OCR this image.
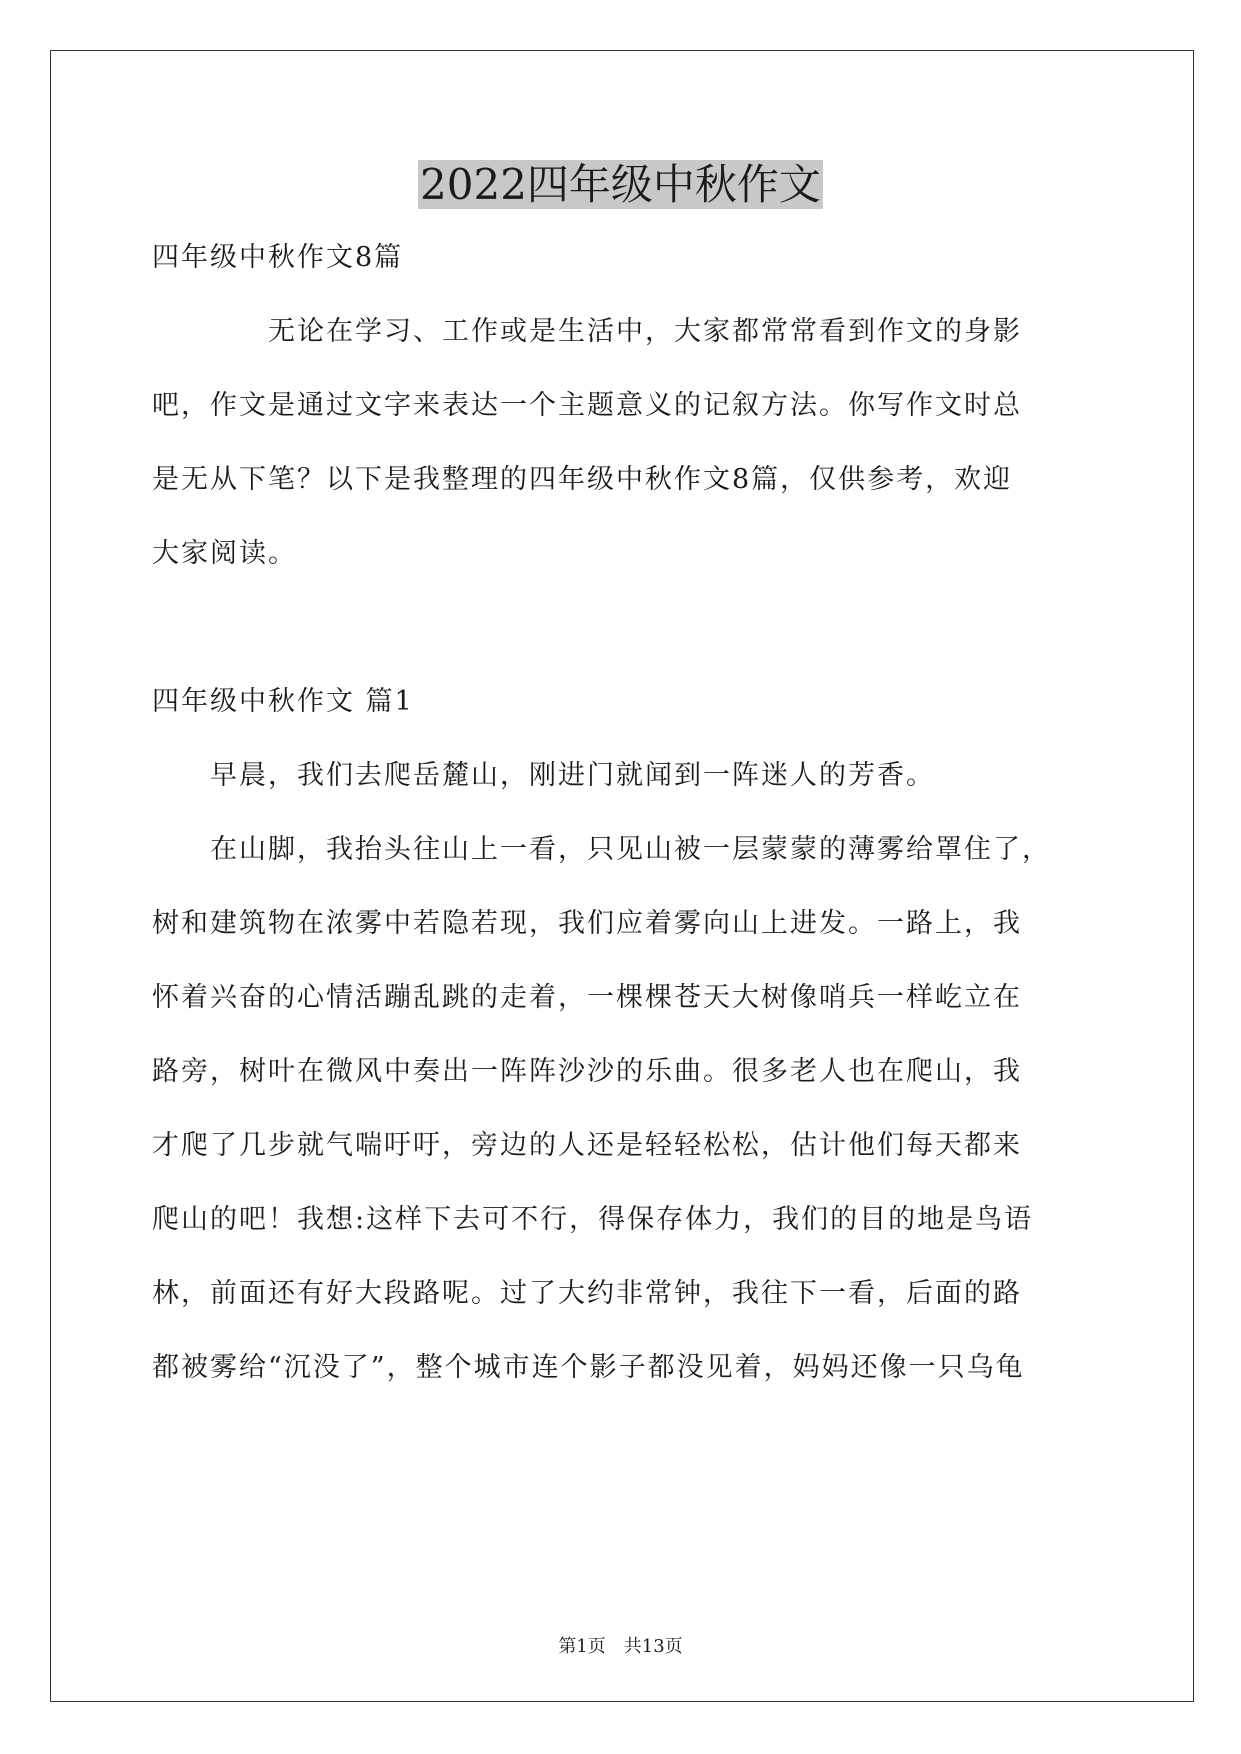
2022四年级中秋作文
四年级中秋作文8篇
　　　　无论在学习、工作或是生活中，大家都常常看到作文的身影
吧，作文是通过文字来表达一个主题意义的记叙方法。你写作文时总
是无从下笔？以下是我整理的四年级中秋作文8篇，仅供参考，欢迎
大家阅读。
四年级中秋作文 篇1
　　早晨，我们去爬岳麓山，刚进门就闻到一阵迷人的芳香。
　　在山脚，我抬头往山上一看，只见山被一层蒙蒙的薄雾给罩住了，
树和建筑物在浓雾中若隐若现，我们应着雾向山上进发。一路上，我
怀着兴奋的心情活蹦乱跳的走着，一棵棵苍天大树像哨兵一样屹立在
路旁，树叶在微风中奏出一阵阵沙沙的乐曲。很多老人也在爬山，我
才爬了几步就气喘吁吁，旁边的人还是轻轻松松，估计他们每天都来
爬山的吧！我想:这样下去可不行，得保存体力，我们的目的地是鸟语
林，前面还有好大段路呢。过了大约非常钟，我往下一看，后面的路
都被雾给“沉没了”，整个城市连个影子都没见着，妈妈还像一只乌龟
第1页　共13页
